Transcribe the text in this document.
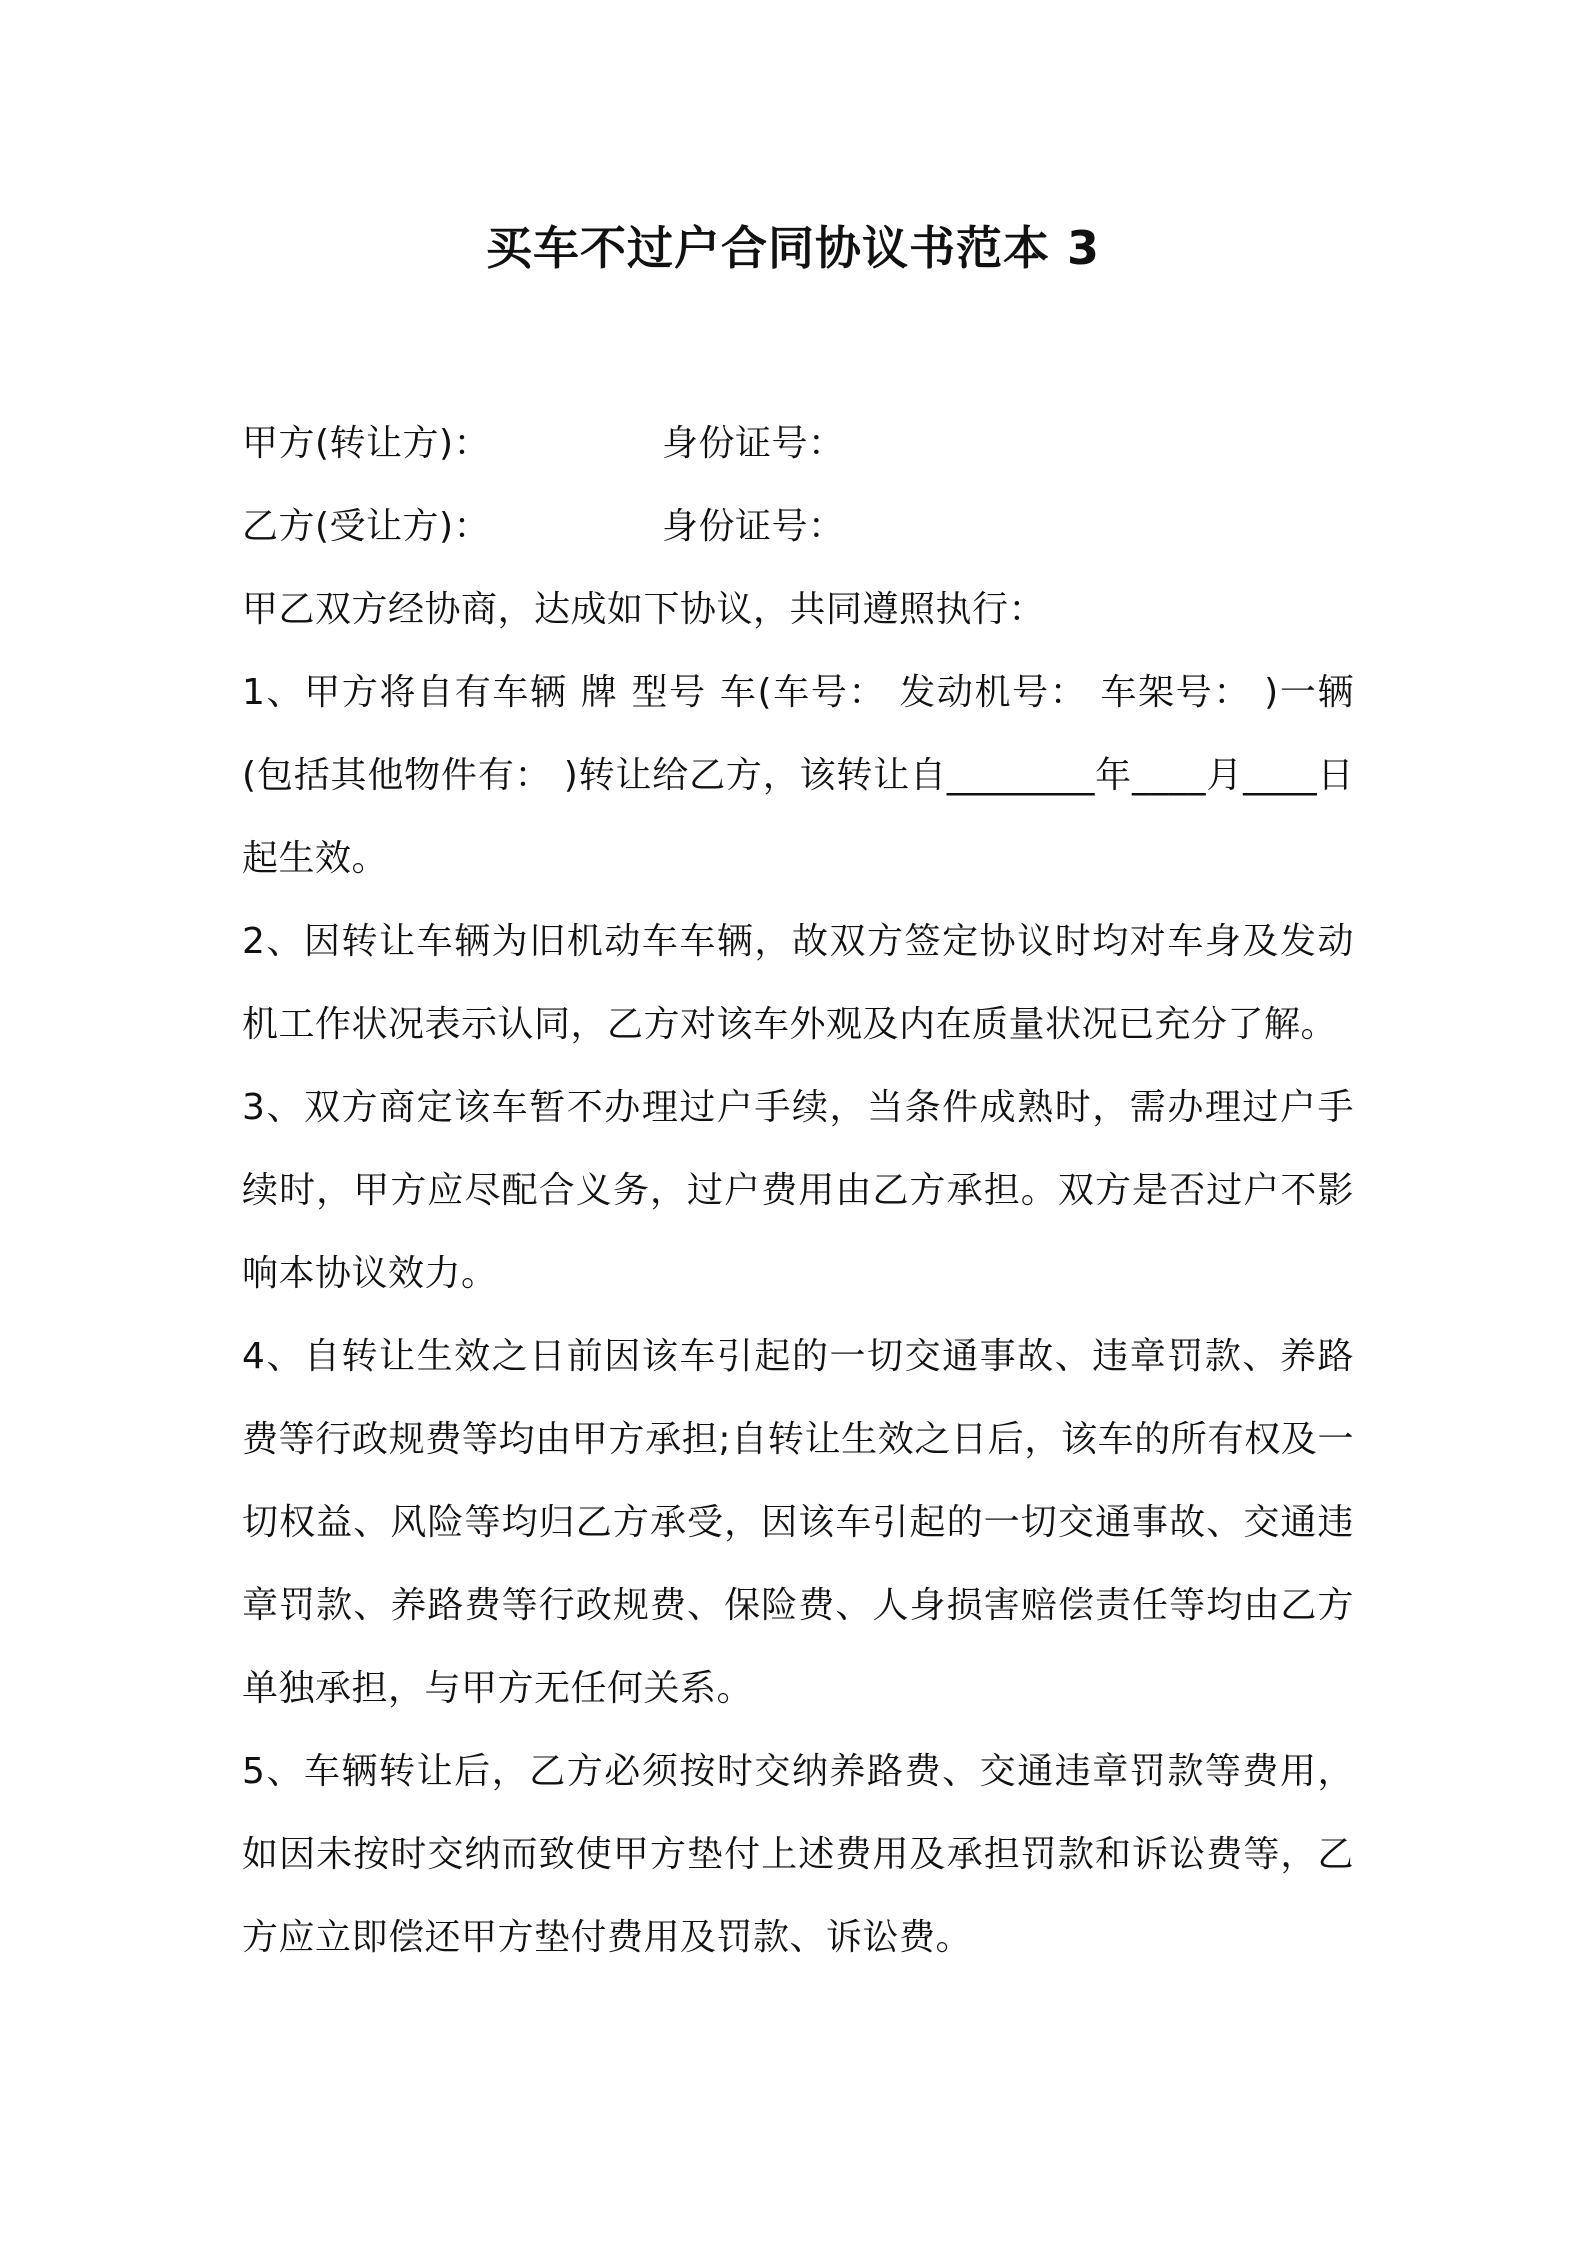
买车不过户合同协议书范本 3
甲方(转让方)：	身份证号：
乙方(受让方)：	身份证号：

甲乙双方经协商，达成如下协议，共同遵照执行：

1、甲方将自有车辆 牌 型号 车(车号： 发动机号： 车架号： )一辆(包括其他物件有： )转让给乙方，该转让自________年____月____日起生效。

2、因转让车辆为旧机动车车辆，故双方签定协议时均对车身及发动机工作状况表示认同，乙方对该车外观及内在质量状况已充分了解。

3、双方商定该车暂不办理过户手续，当条件成熟时，需办理过户手续时，甲方应尽配合义务，过户费用由乙方承担。双方是否过户不影响本协议效力。

4、自转让生效之日前因该车引起的一切交通事故、违章罚款、养路费等行政规费等均由甲方承担;自转让生效之日后，该车的所有权及一切权益、风险等均归乙方承受，因该车引起的一切交通事故、交通违章罚款、养路费等行政规费、保险费、人身损害赔偿责任等均由乙方单独承担，与甲方无任何关系。

5、车辆转让后，乙方必须按时交纳养路费、交通违章罚款等费用，如因未按时交纳而致使甲方垫付上述费用及承担罚款和诉讼费等，乙方应立即偿还甲方垫付费用及罚款、诉讼费。
